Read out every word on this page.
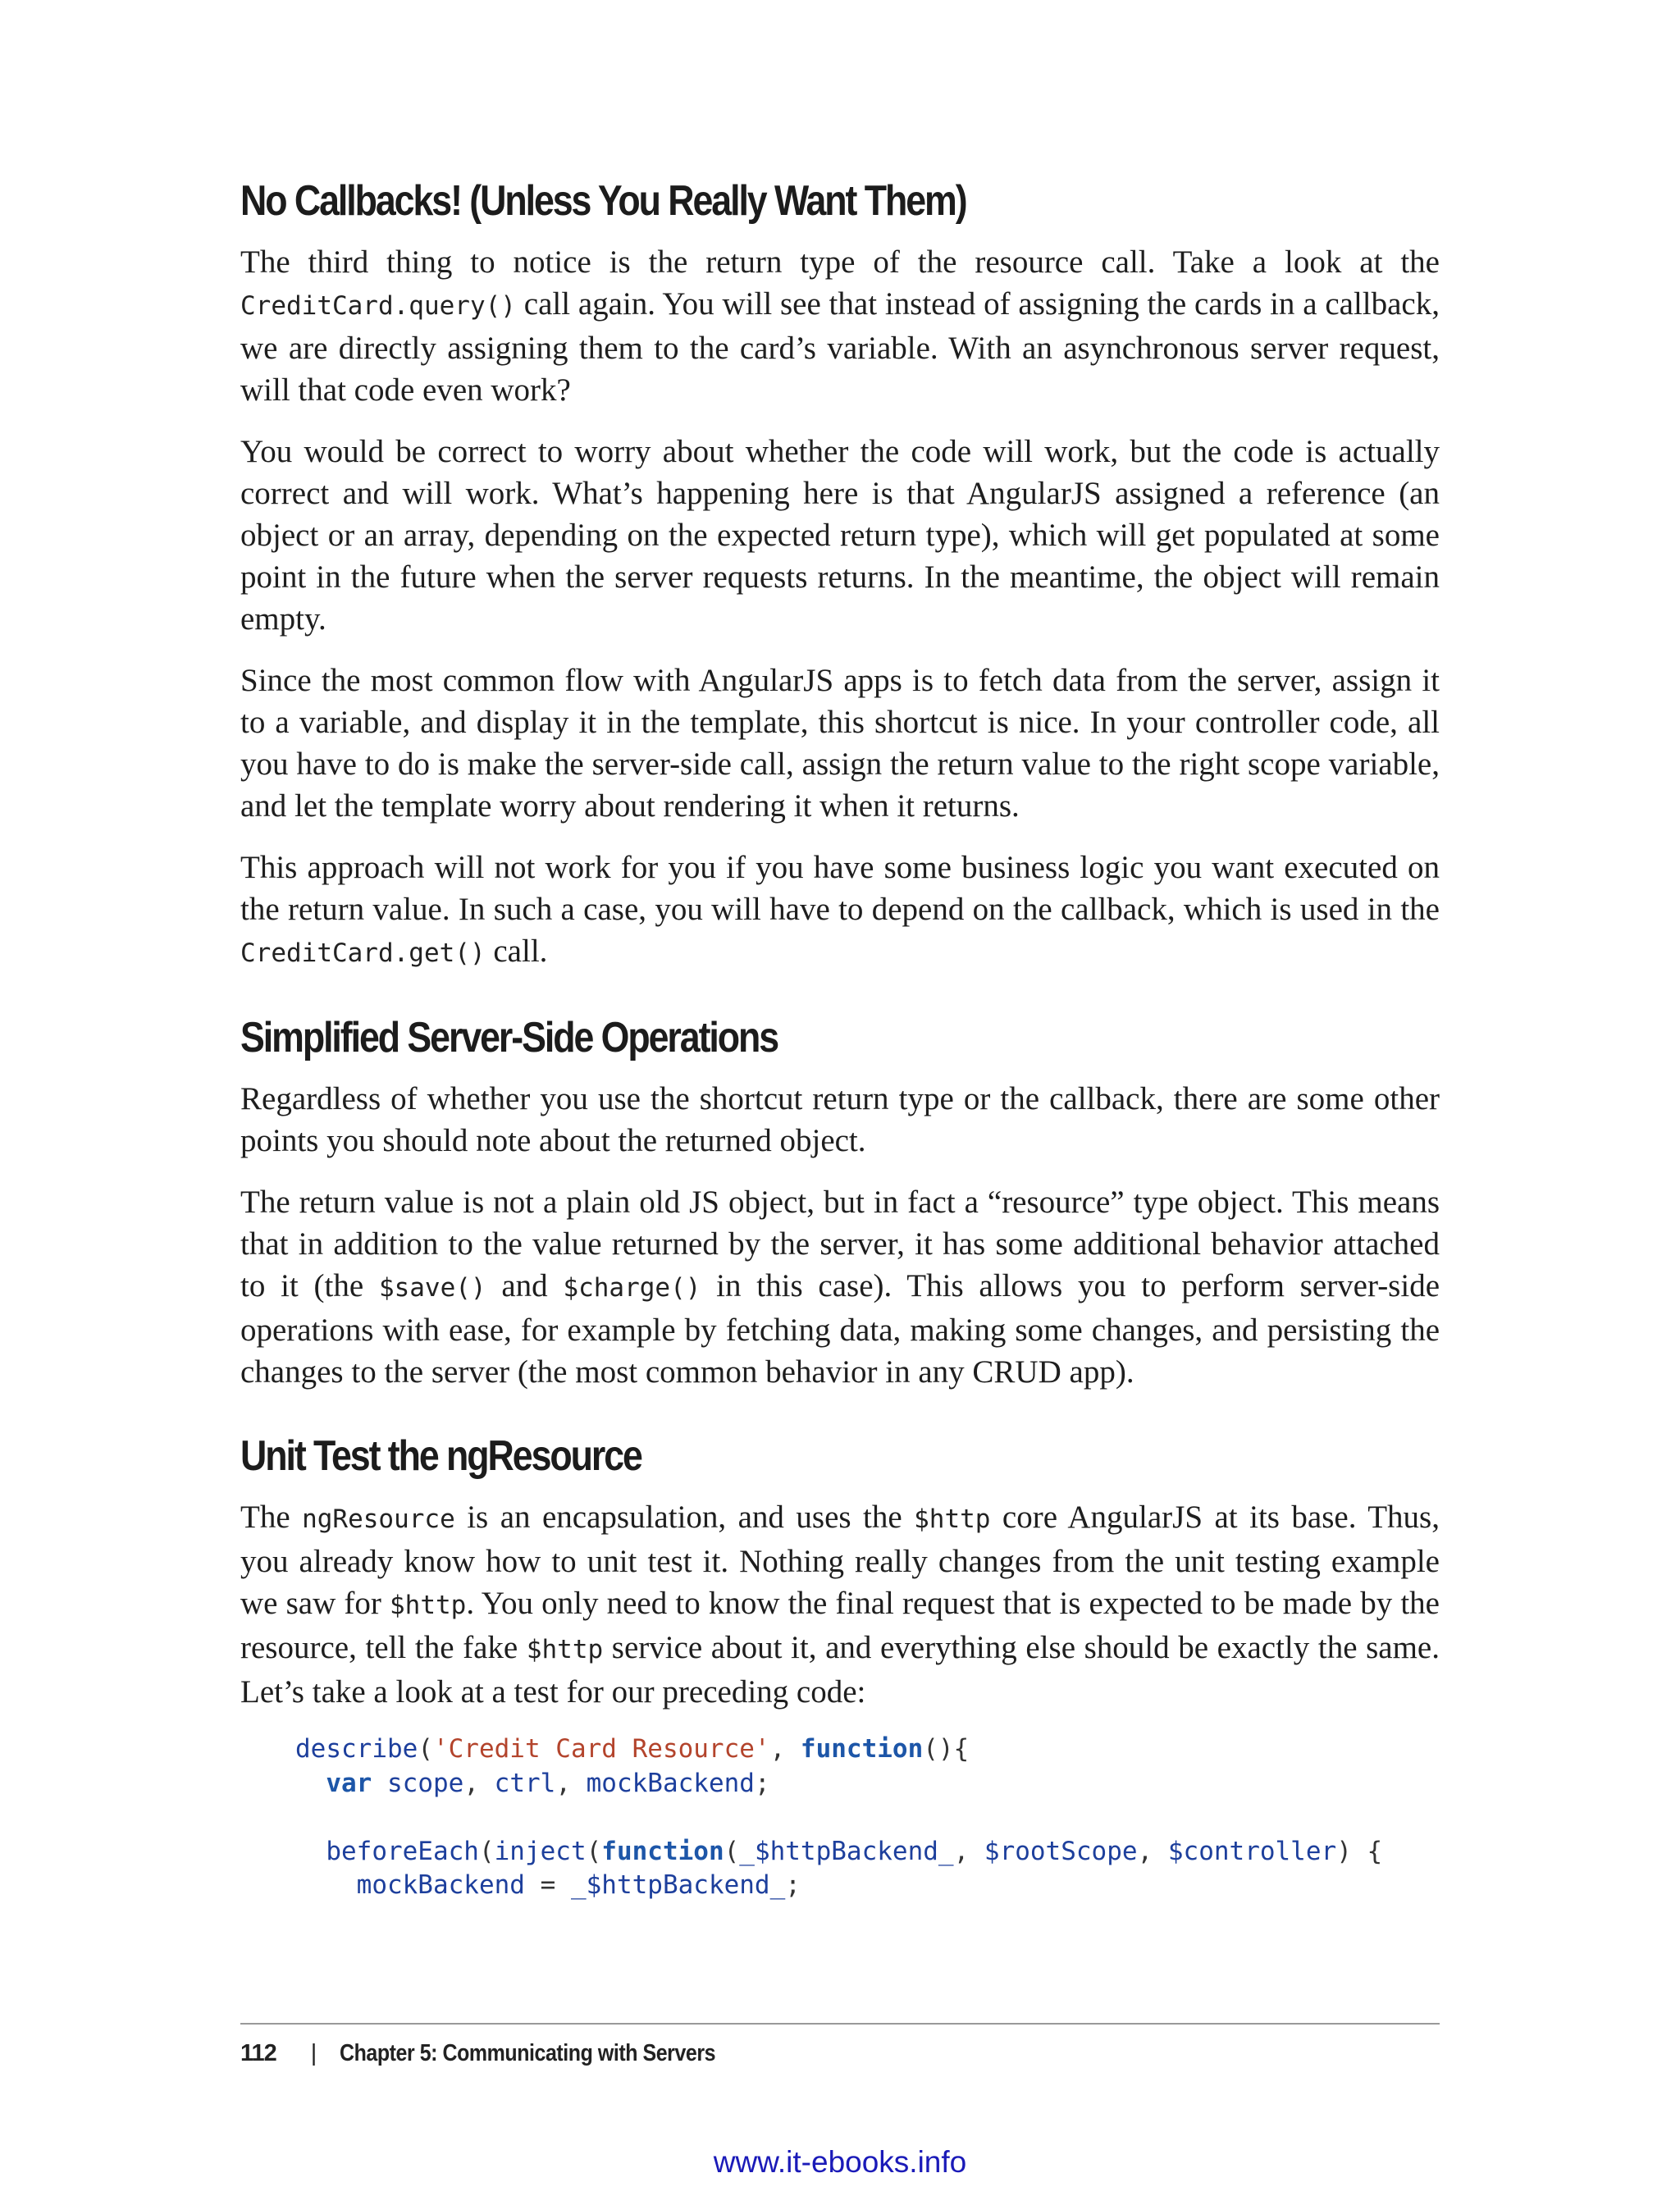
No Callbacks! (Unless You Really Want Them)

The third thing to notice is the return type of the resource call. Take a look at the CreditCard.query() call again. You will see that instead of assigning the cards in a callback, we are directly assigning them to the card’s variable. With an asynchronous server request, will that code even work?

You would be correct to worry about whether the code will work, but the code is actually correct and will work. What’s happening here is that AngularJS assigned a reference (an object or an array, depending on the expected return type), which will get populated at some point in the future when the server requests returns. In the meantime, the object will remain empty.

Since the most common flow with AngularJS apps is to fetch data from the server, assign it to a variable, and display it in the template, this shortcut is nice. In your controller code, all you have to do is make the server-side call, assign the return value to the right scope variable, and let the template worry about rendering it when it returns.

This approach will not work for you if you have some business logic you want executed on the return value. In such a case, you will have to depend on the callback, which is used in the CreditCard.get() call.

Simplified Server-Side Operations

Regardless of whether you use the shortcut return type or the callback, there are some other points you should note about the returned object.

The return value is not a plain old JS object, but in fact a “resource” type object. This means that in addition to the value returned by the server, it has some additional behavior attached to it (the $save() and $charge() in this case). This allows you to perform server-side operations with ease, for example by fetching data, making some changes, and persisting the changes to the server (the most common behavior in any CRUD app).

Unit Test the ngResource

The ngResource is an encapsulation, and uses the $http core AngularJS at its base. Thus, you already know how to unit test it. Nothing really changes from the unit testing example we saw for $http. You only need to know the final request that is expected to be made by the resource, tell the fake $http service about it, and everything else should be exactly the same. Let’s take a look at a test for our preceding code:

describe('Credit Card Resource', function(){
var scope, ctrl, mockBackend;

beforeEach(inject(function(_$httpBackend_, $rootScope, $controller) {
mockBackend = _$httpBackend_;
112 | Chapter 5: Communicating with Servers
www.it-ebooks.info
